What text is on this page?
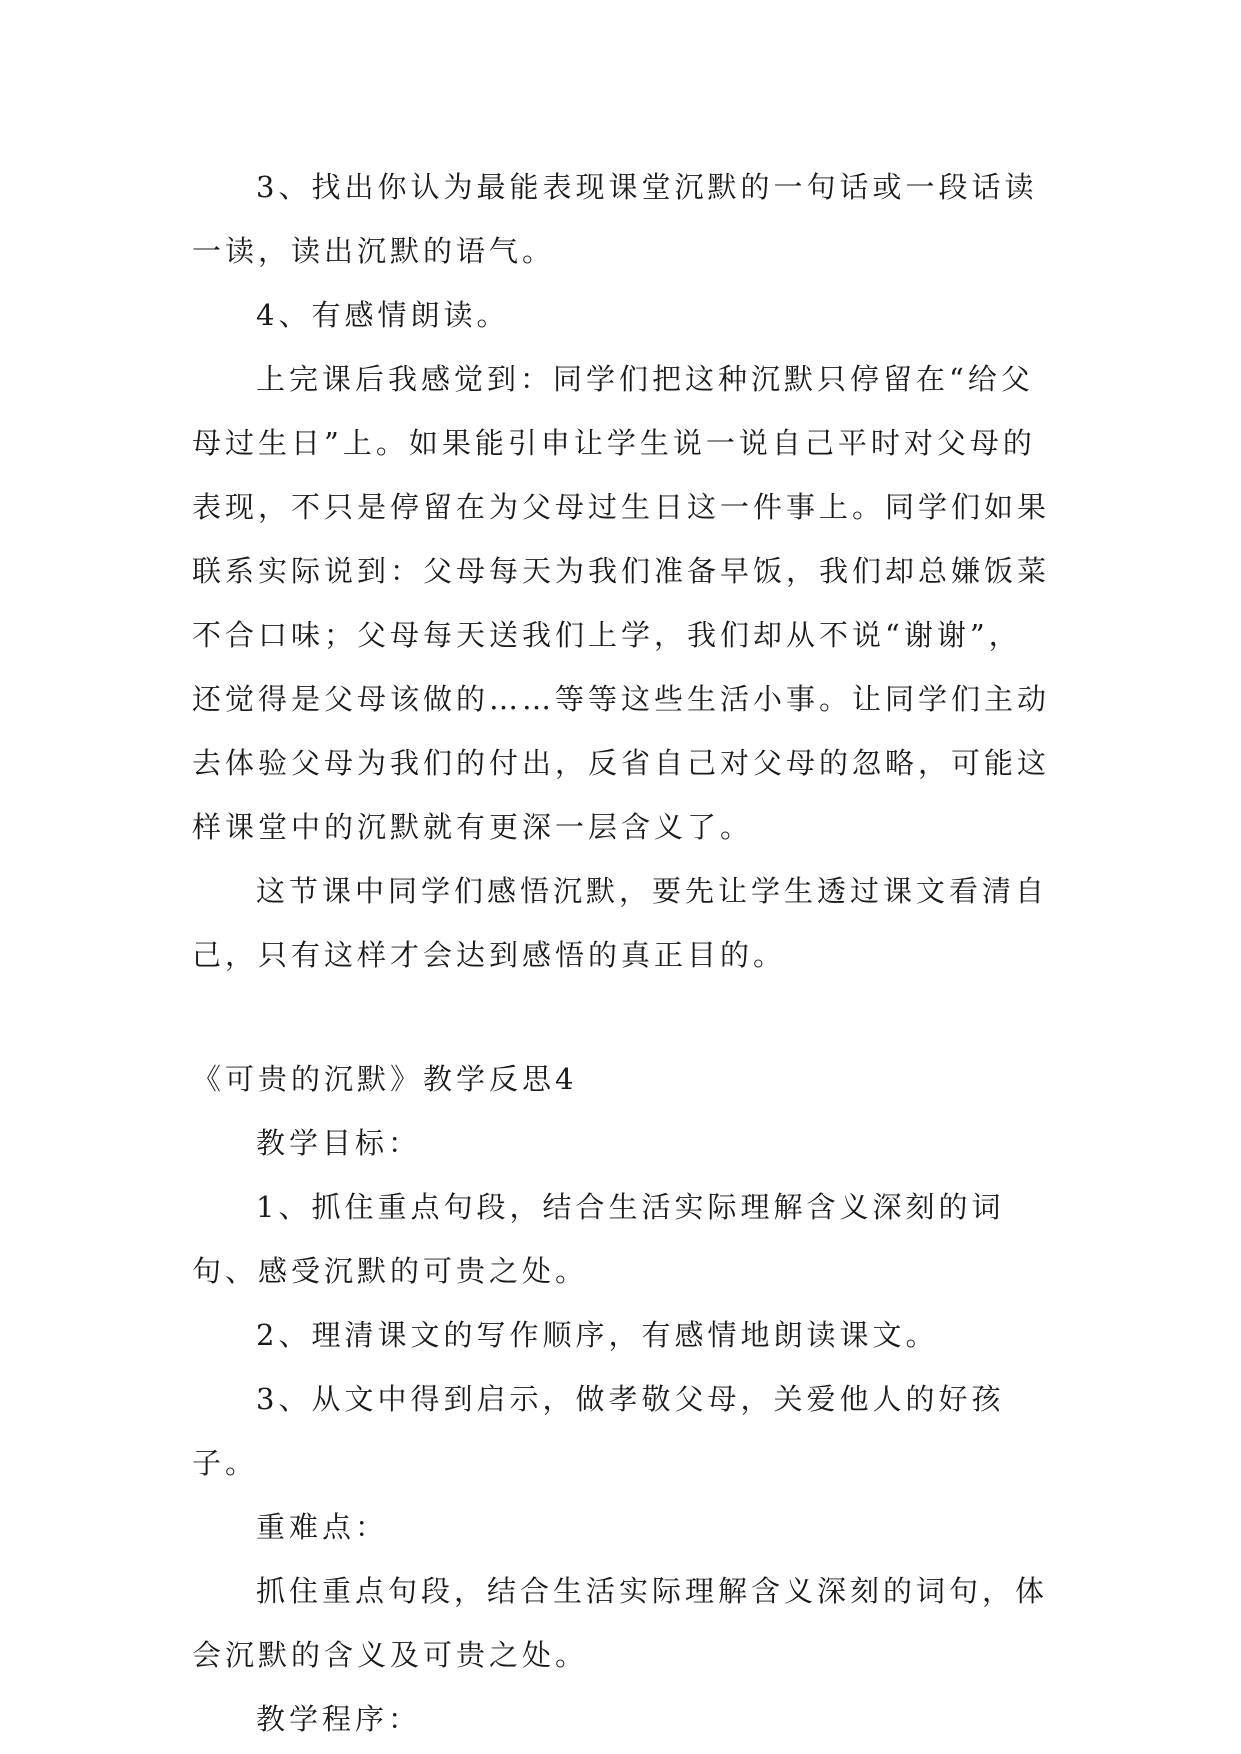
3、找出你认为最能表现课堂沉默的一句话或一段话读一读，读出沉默的语气。

4、有感情朗读。

上完课后我感觉到：同学们把这种沉默只停留在“给父母过生日”上。如果能引申让学生说一说自己平时对父母的表现，不只是停留在为父母过生日这一件事上。同学们如果联系实际说到：父母每天为我们准备早饭，我们却总嫌饭菜不合口味；父母每天送我们上学，我们却从不说“谢谢”，还觉得是父母该做的……等等这些生活小事。让同学们主动去体验父母为我们的付出，反省自己对父母的忽略，可能这样课堂中的沉默就有更深一层含义了。

这节课中同学们感悟沉默，要先让学生透过课文看清自己，只有这样才会达到感悟的真正目的。

《可贵的沉默》教学反思4

教学目标：

1、抓住重点句段，结合生活实际理解含义深刻的词句、感受沉默的可贵之处。

2、理清课文的写作顺序，有感情地朗读课文。

3、从文中得到启示，做孝敬父母，关爱他人的好孩子。

重难点：

抓住重点句段，结合生活实际理解含义深刻的词句，体会沉默的含义及可贵之处。

教学程序：
